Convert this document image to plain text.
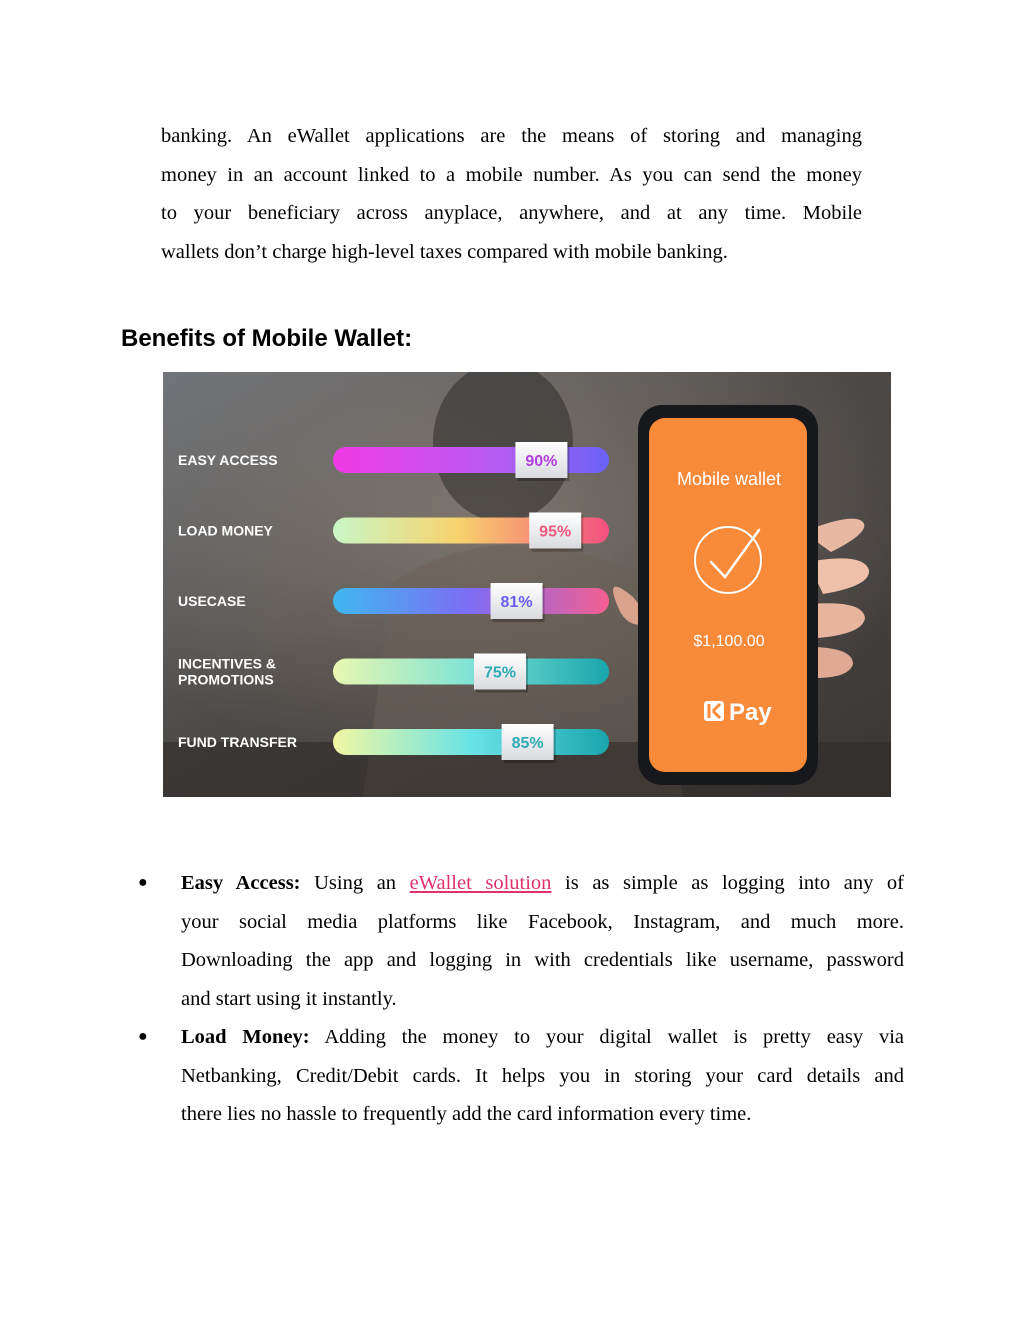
banking. An eWallet applications are the means of storing and managing
money in an account linked to a mobile number. As you can send the money
to your beneficiary across anyplace, anywhere, and at any time. Mobile
wallets don’t charge high-level taxes compared with mobile banking.
Benefits of Mobile Wallet:
EASY ACCESS	90%
LOAD MONEY	95%
USECASE	81%
INCENTIVES &
PROMOTIONS	75%
FUND TRANSFER	85%
Mobile wallet
$1,100.00
Pay
●	Easy Access: Using an eWallet solution is as simple as logging into any of
your social media platforms like Facebook, Instagram, and much more.
Downloading the app and logging in with credentials like username, password
and start using it instantly.
●	Load Money: Adding the money to your digital wallet is pretty easy via
Netbanking, Credit/Debit cards. It helps you in storing your card details and
there lies no hassle to frequently add the card information every time.
